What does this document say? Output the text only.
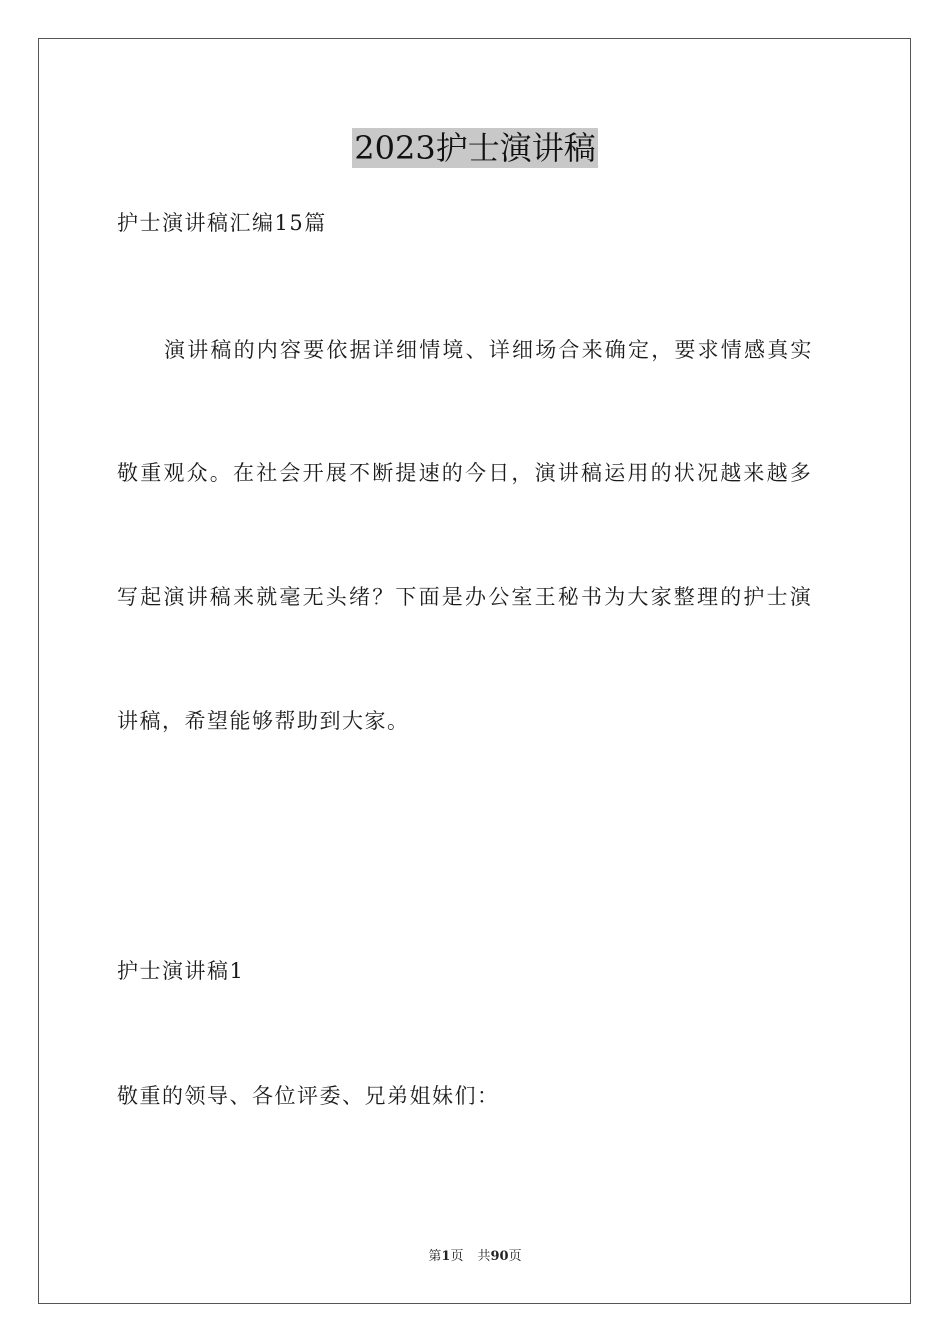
2023护士演讲稿
护士演讲稿汇编15篇
演讲稿的内容要依据详细情境、详细场合来确定，要求情感真实
敬重观众。在社会开展不断提速的今日，演讲稿运用的状况越来越多
写起演讲稿来就毫无头绪？下面是办公室王秘书为大家整理的护士演
讲稿，希望能够帮助到大家。
护士演讲稿1
敬重的领导、各位评委、兄弟姐妹们：
第1页 共90页
